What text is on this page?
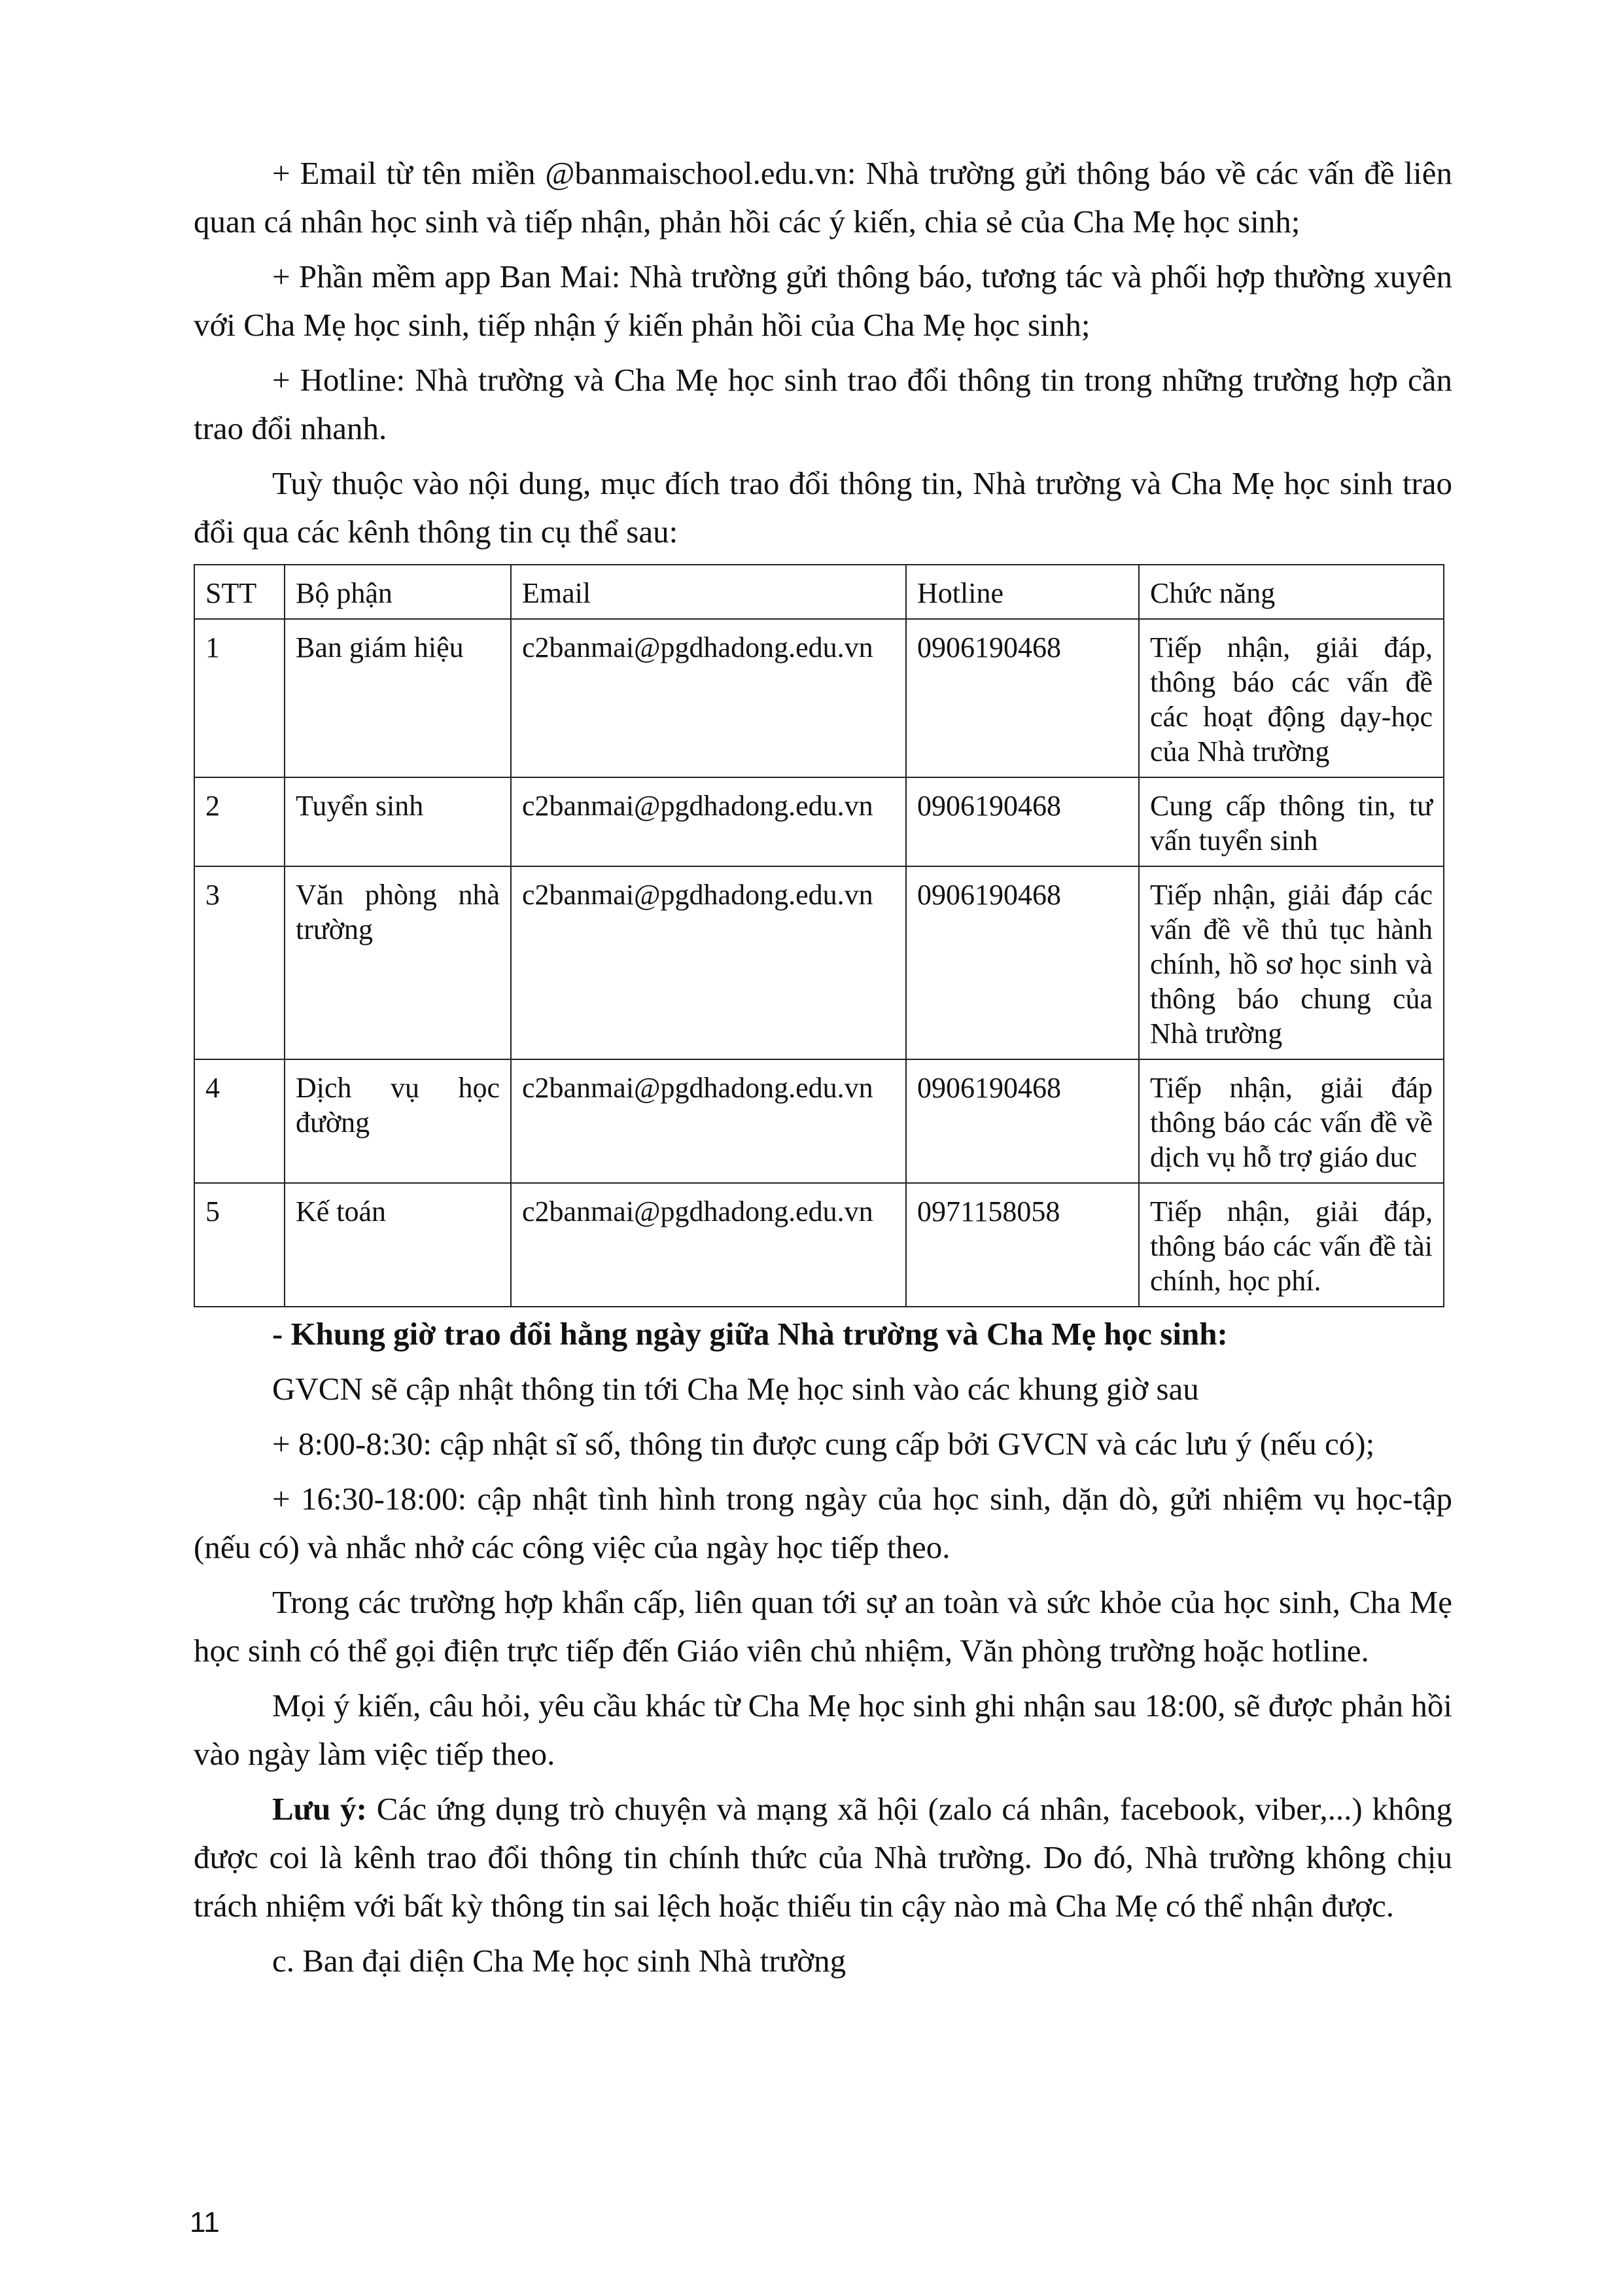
+ Email từ tên miền @banmaischool.edu.vn: Nhà trường gửi thông báo về các vấn đề liên quan cá nhân học sinh và tiếp nhận, phản hồi các ý kiến, chia sẻ của Cha Mẹ học sinh;

+ Phần mềm app Ban Mai: Nhà trường gửi thông báo, tương tác và phối hợp thường xuyên với Cha Mẹ học sinh, tiếp nhận ý kiến phản hồi của Cha Mẹ học sinh;

+ Hotline: Nhà trường và Cha Mẹ học sinh trao đổi thông tin trong những trường hợp cần trao đổi nhanh.

Tuỳ thuộc vào nội dung, mục đích trao đổi thông tin, Nhà trường và Cha Mẹ học sinh trao đổi qua các kênh thông tin cụ thể sau:

STT	Bộ phận	Email	Hotline	Chức năng
1	Ban giám hiệu	c2banmai@pgdhadong.edu.vn	0906190468	Tiếp nhận, giải đáp, thông báo các vấn đề các hoạt động dạy-học của Nhà trường
2	Tuyển sinh	c2banmai@pgdhadong.edu.vn	0906190468	Cung cấp thông tin, tư vấn tuyển sinh
3	Văn phòng nhà trường	c2banmai@pgdhadong.edu.vn	0906190468	Tiếp nhận, giải đáp các vấn đề về thủ tục hành chính, hồ sơ học sinh và thông báo chung của Nhà trường
4	Dịch vụ học đường	c2banmai@pgdhadong.edu.vn	0906190468	Tiếp nhận, giải đáp thông báo các vấn đề về dịch vụ hỗ trợ giáo duc
5	Kế toán	c2banmai@pgdhadong.edu.vn	0971158058	Tiếp nhận, giải đáp, thông báo các vấn đề tài chính, học phí.

- Khung giờ trao đổi hằng ngày giữa Nhà trường và Cha Mẹ học sinh:

GVCN sẽ cập nhật thông tin tới Cha Mẹ học sinh vào các khung giờ sau

+ 8:00-8:30: cập nhật sĩ số, thông tin được cung cấp bởi GVCN và các lưu ý (nếu có);

+ 16:30-18:00: cập nhật tình hình trong ngày của học sinh, dặn dò, gửi nhiệm vụ học-tập (nếu có) và nhắc nhở các công việc của ngày học tiếp theo.

Trong các trường hợp khẩn cấp, liên quan tới sự an toàn và sức khỏe của học sinh, Cha Mẹ học sinh có thể gọi điện trực tiếp đến Giáo viên chủ nhiệm, Văn phòng trường hoặc hotline.

Mọi ý kiến, câu hỏi, yêu cầu khác từ Cha Mẹ học sinh ghi nhận sau 18:00, sẽ được phản hồi vào ngày làm việc tiếp theo.

Lưu ý: Các ứng dụng trò chuyện và mạng xã hội (zalo cá nhân, facebook, viber,...) không được coi là kênh trao đổi thông tin chính thức của Nhà trường. Do đó, Nhà trường không chịu trách nhiệm với bất kỳ thông tin sai lệch hoặc thiếu tin cậy nào mà Cha Mẹ có thể nhận được.

c. Ban đại diện Cha Mẹ học sinh Nhà trường

11
